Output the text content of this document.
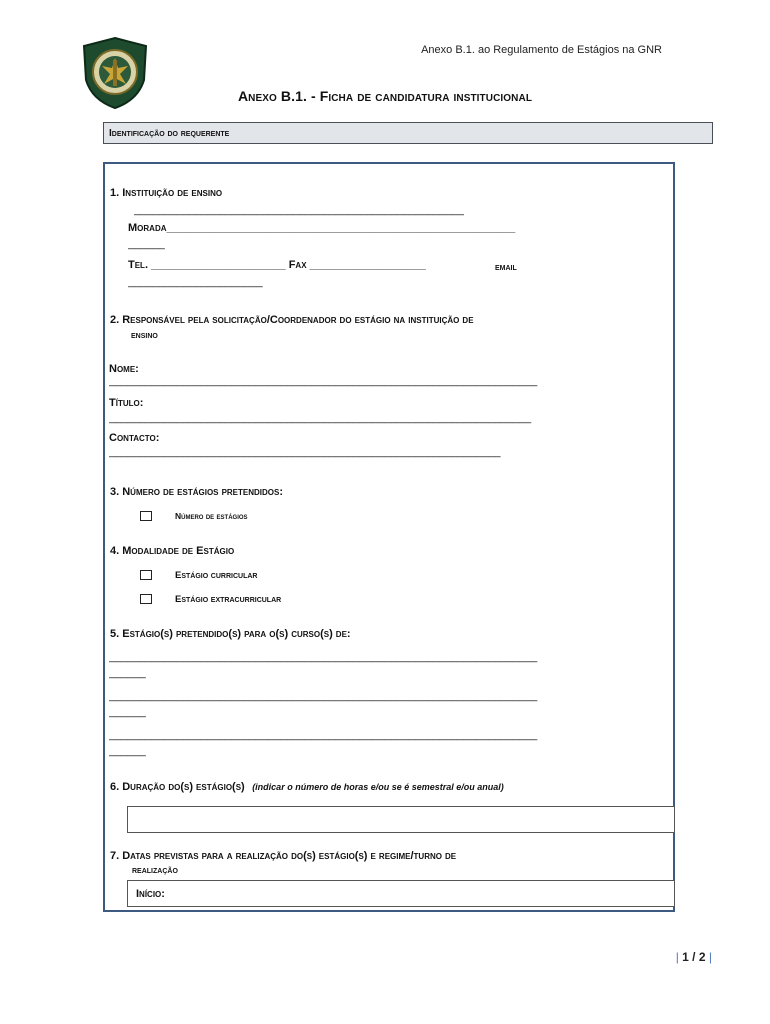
Anexo B.1. ao Regulamento de Estágios na GNR
Anexo B.1. - Ficha de candidatura institucional
Identificação do requerente
1. Instituição de ensino
______________________________________________________
Morada_________________________________________________________
______
Tel. ______________________ Fax ___________________	email
______________________
2. Responsável pela solicitação/Coordenador do estágio na instituição de
ensino
Nome:
______________________________________________________________________
Título:
_____________________________________________________________________
Contacto:
________________________________________________________________
3. Número de estágios pretendidos:
Número de estágios
4. Modalidade de Estágio
Estágio curricular
Estágio extracurricular
5. Estágio(s) pretendido(s) para o(s) curso(s) de:
______________________________________________________________________
______
______________________________________________________________________
______
______________________________________________________________________
______
6. Duração do(s) estágio(s) (indicar o número de horas e/ou se é semestral e/ou anual)
7. Datas previstas para a realização do(s) estágio(s) e regime/turno de
realização
Início:
| 1 / 2 |
